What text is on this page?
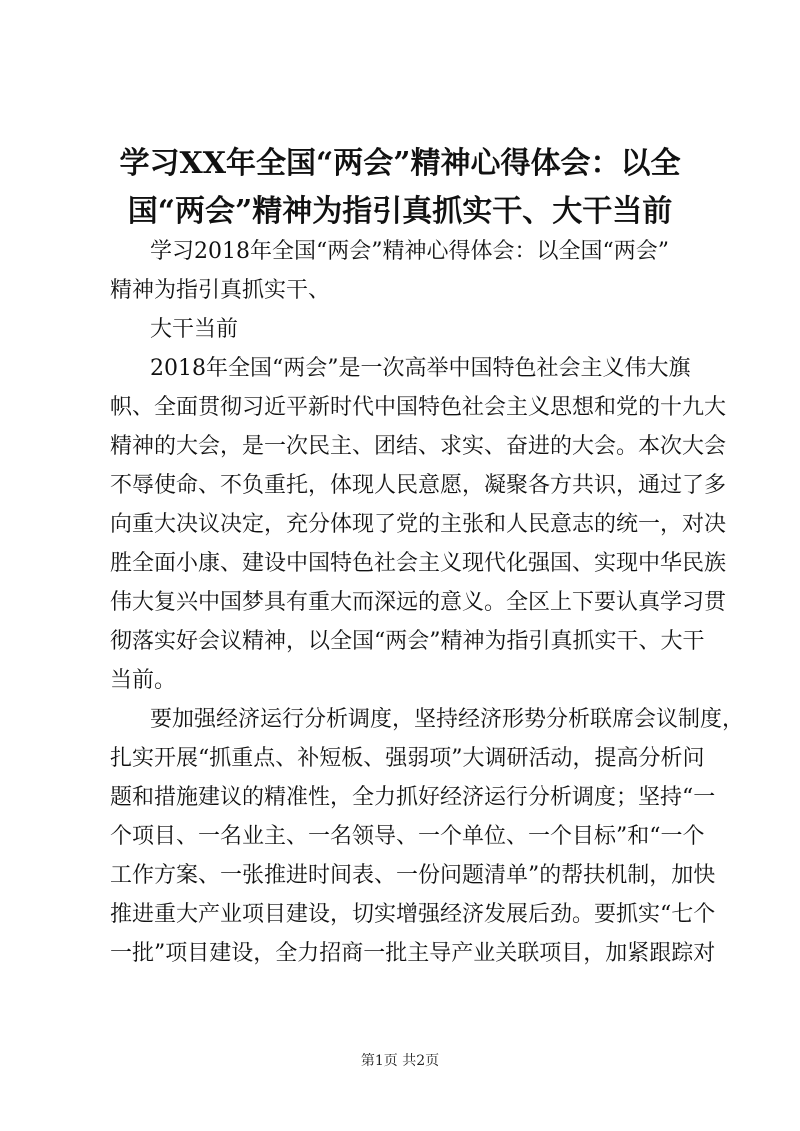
学习XX年全国“两会”精神心得体会：以全
国“两会”精神为指引真抓实干、大干当前
学习2018年全国“两会”精神心得体会：以全国“两会”
精神为指引真抓实干、
大干当前
2018年全国“两会”是一次高举中国特色社会主义伟大旗
帜、全面贯彻习近平新时代中国特色社会主义思想和党的十九大
精神的大会，是一次民主、团结、求实、奋进的大会。本次大会
不辱使命、不负重托，体现人民意愿，凝聚各方共识，通过了多
向重大决议决定，充分体现了党的主张和人民意志的统一，对决
胜全面小康、建设中国特色社会主义现代化强国、实现中华民族
伟大复兴中国梦具有重大而深远的意义。全区上下要认真学习贯
彻落实好会议精神，以全国“两会”精神为指引真抓实干、大干
当前。
要加强经济运行分析调度，坚持经济形势分析联席会议制度，
扎实开展“抓重点、补短板、强弱项”大调研活动，提高分析问
题和措施建议的精准性，全力抓好经济运行分析调度；坚持“一
个项目、一名业主、一名领导、一个单位、一个目标”和“一个
工作方案、一张推进时间表、一份问题清单”的帮扶机制，加快
推进重大产业项目建设，切实增强经济发展后劲。要抓实“七个
一批”项目建设，全力招商一批主导产业关联项目，加紧跟踪对
第1页 共2页
